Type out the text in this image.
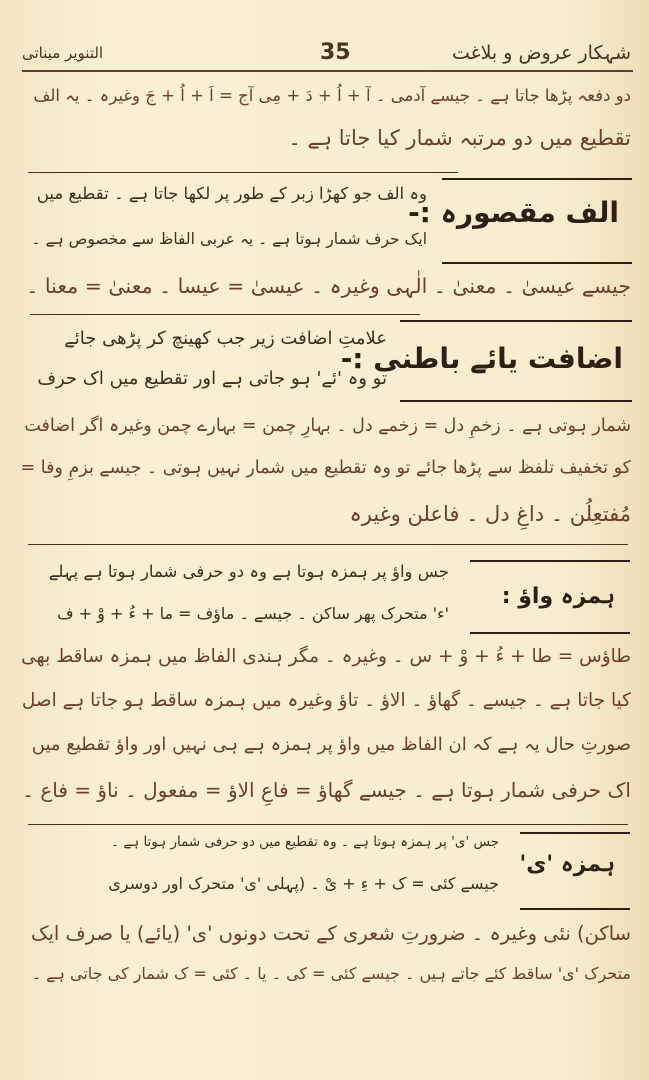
شہکار عروض و بلاغت
35
التنویر میناتی
دو دفعہ پڑھا جاتا ہے ۔ جیسے آدمی ۔ آ + اُ + دَ + مِی آج = اَ + اُ + جَ وغیرہ ۔ یہ الف
تقطیع میں دو مرتبہ شمار کیا جاتا ہے ۔
وہ الف جو کھڑا زبر کے طور پر لکھا جاتا ہے ۔ تقطیع میں
الف مقصورہ :-
ایک حرف شمار ہوتا ہے ۔ یہ عربی الفاظ سے مخصوص ہے ۔
جیسے عیسیٰ ۔ معنیٰ ۔ الٰہی وغیرہ ۔ عیسیٰ = عیسا ۔ معنیٰ = معنا ۔
علامتِ اضافت زیر جب کھینچ کر پڑھی جائے
اضافت یائے باطنی :-
تو وہ 'ئے' ہو جاتی ہے اور تقطیع میں اک حرف
شمار ہوتی ہے ۔ زخمِ دل = زخمے دل ۔ بہارِ چمن = بہارے چمن وغیرہ اگر اضافت
کو تخفیف تلفظ سے پڑھا جائے تو وہ تقطیع میں شمار نہیں ہوتی ۔ جیسے بزمِ وفا =
مُفتعِلُن ۔ داغِ دل ۔ فاعلن وغیرہ
جس واؤ پر ہمزہ ہوتا ہے وہ دو حرفی شمار ہوتا ہے پہلے
ہمزہ واؤ :
'ء' متحرک پھر ساکن ۔ جیسے ۔ ماؤف = ما + ءُ + وْ + ف
طاؤس = طا + ءُ + وْ + س ۔ وغیرہ ۔ مگر ہندی الفاظ میں ہمزہ ساقط بھی
کیا جاتا ہے ۔ جیسے ۔ گھاؤ ۔ الاؤ ۔ تاؤ وغیرہ میں ہمزہ ساقط ہو جاتا ہے اصل
صورتِ حال یہ ہے کہ ان الفاظ میں واؤ پر ہمزہ ہے ہی نہیں اور واؤ تقطیع میں
اک حرفی شمار ہوتا ہے ۔ جیسے گھاؤ = فاعِ الاؤ = مفعول ۔ ناؤ = فاع ۔
جس 'ی' پر ہمزہ ہوتا ہے ۔ وہ تقطیع میں دو حرفی شمار ہوتا ہے ۔
ہمزہ 'ی'
جیسے کئی = ک + ءِ + یْ ۔ (پہلی 'ی' متحرک اور دوسری
ساکن) نئی وغیرہ ۔ ضرورتِ شعری کے تحت دونوں 'ی' (یائے) یا صرف ایک
متحرک 'ی' ساقط کئے جاتے ہیں ۔ جیسے کئی = کی ۔ یا ۔ کئی = ک شمار کی جاتی ہے ۔
